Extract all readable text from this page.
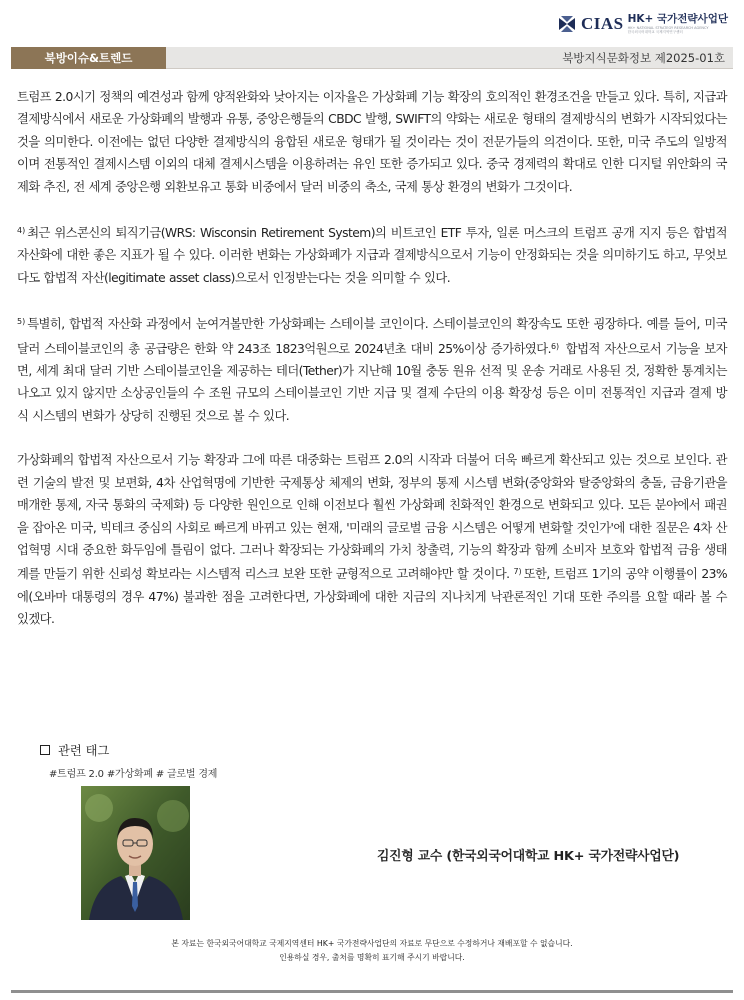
CIAS HK+ 국가전략사업단
HK+ NATIONAL STRATEGY RESEARCH AGENCY
한국외국어대학교 국제지역연구센터
북방이슈&트렌드	북방지식문화정보 제2025-01호

트럼프 2.0시기 정책의 예견성과 함께 양적완화와 낮아지는 이자율은 가상화폐 기능 확장의 호의적인 환경조건을 만들고 있다. 특히, 지급과 결제방식에서 새로운 가상화폐의 발행과 유통, 중앙은행들의 CBDC 발행, SWIFT의 약화는 새로운 형태의 결제방식의 변화가 시작되었다는 것을 의미한다. 이전에는 없던 다양한 결제방식의 융합된 새로운 형태가 될 것이라는 것이 전문가들의 의견이다. 또한, 미국 주도의 일방적이며 전통적인 결제시스템 이외의 대체 결제시스템을 이용하려는 유인 또한 증가되고 있다. 중국 경제력의 확대로 인한 디지털 위안화의 국제화 추진, 전 세계 중앙은행 외환보유고 통화 비중에서 달러 비중의 축소, 국제 통상 환경의 변화가 그것이다.

$^{4)}$ 최근 위스콘신의 퇴직기금(WRS: Wisconsin Retirement System)의 비트코인 ETF 투자, 일론 머스크의 트럼프 공개 지지 등은 합법적 자산화에 대한 좋은 지표가 될 수 있다. 이러한 변화는 가상화폐가 지급과 결제방식으로서 기능이 안정화되는 것을 의미하기도 하고, 무엇보다도 합법적 자산(legitimate asset class)으로서 인정받는다는 것을 의미할 수 있다.

$^{5)}$ 특별히, 합법적 자산화 과정에서 눈여겨볼만한 가상화폐는 스테이블 코인이다. 스테이블코인의 확장속도 또한 굉장하다. 예를 들어, 미국 달러 스테이블코인의 총 공급량은 한화 약 243조 1823억원으로 2024년초 대비 25%이상 증가하였다.$^{6)}$ 합법적 자산으로서 기능을 보자면, 세계 최대 달러 기반 스테이블코인을 제공하는 테더(Tether)가 지난해 10월 충동 원유 선적 및 운송 거래로 사용된 것, 정확한 통계치는 나오고 있지 않지만 소상공인들의 수 조원 규모의 스테이블코인 기반 지급 및 결제 수단의 이용 확장성 등은 이미 전통적인 지급과 결제 방식 시스템의 변화가 상당히 진행된 것으로 볼 수 있다.

가상화폐의 합법적 자산으로서 기능 확장과 그에 따른 대중화는 트럼프 2.0의 시작과 더불어 더욱 빠르게 확산되고 있는 것으로 보인다. 관련 기술의 발전 및 보편화, 4차 산업혁명에 기반한 국제통상 체제의 변화, 정부의 통제 시스템 변화(중앙화와 탈중앙화의 충돌, 금융기관을 매개한 통제, 자국 통화의 국제화) 등 다양한 원인으로 인해 이전보다 훨씬 가상화폐 친화적인 환경으로 변화되고 있다. 모든 분야에서 패권을 잡아온 미국, 빅테크 중심의 사회로 빠르게 바뀌고 있는 현재, '미래의 글로벌 금융 시스템은 어떻게 변화할 것인가'에 대한 질문은 4차 산업혁명 시대 중요한 화두임에 틀림이 없다. 그러나 확장되는 가상화폐의 가치 창출력, 기능의 확장과 함께 소비자 보호와 합법적 금융 생태계를 만들기 위한 신뢰성 확보라는 시스템적 리스크 보완 또한 균형적으로 고려해야만 할 것이다. $^{7)}$ 또한, 트럼프 1기의 공약 이행률이 23%에(오바마 대통령의 경우 47%) 불과한 점을 고려한다면, 가상화폐에 대한 지금의 지나치게 낙관론적인 기대 또한 주의를 요할 때라 볼 수 있겠다.

관련 태그
#트럼프 2.0 #가상화폐 # 글로벌 경제
김진형 교수 (한국외국어대학교 HK+ 국가전략사업단)
본 자료는 한국외국어대학교 국제지역센터 HK+ 국가전략사업단의 자료로 무단으로 수정하거나 재배포할 수 없습니다.
인용하실 경우, 출처를 명확히 표기해 주시기 바랍니다.
